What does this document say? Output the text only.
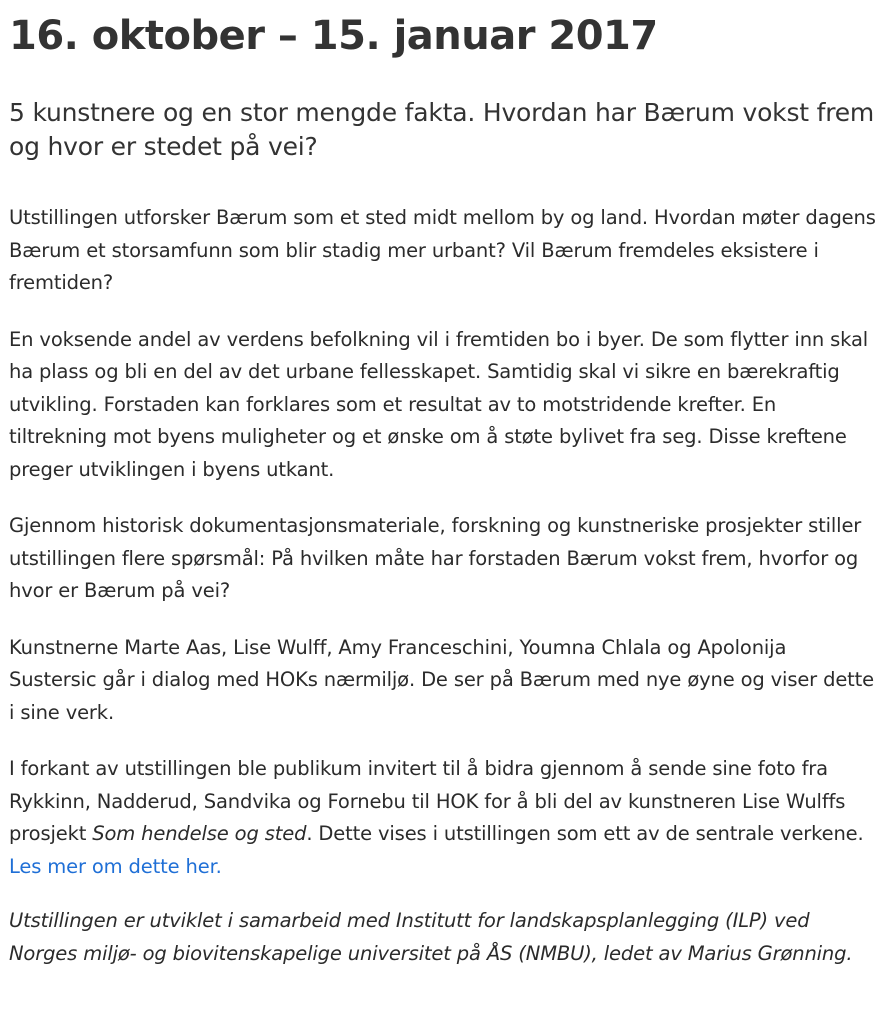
16. oktober – 15. januar 2017
5 kunstnere og en stor mengde fakta. Hvordan har Bærum vokst frem og hvor er stedet på vei?

Utstillingen utforsker Bærum som et sted midt mellom by og land. Hvordan møter dagens Bærum et storsamfunn som blir stadig mer urbant? Vil Bærum fremdeles eksistere i fremtiden?

En voksende andel av verdens befolkning vil i fremtiden bo i byer. De som flytter inn skal ha plass og bli en del av det urbane fellesskapet. Samtidig skal vi sikre en bærekraftig utvikling. Forstaden kan forklares som et resultat av to motstridende krefter. En tiltrekning mot byens muligheter og et ønske om å støte bylivet fra seg. Disse kreftene preger utviklingen i byens utkant.

Gjennom historisk dokumentasjonsmateriale, forskning og kunstneriske prosjekter stiller utstillingen flere spørsmål: På hvilken måte har forstaden Bærum vokst frem, hvorfor og hvor er Bærum på vei?

Kunstnerne Marte Aas, Lise Wulff, Amy Franceschini, Youmna Chlala og Apolonija Sustersic går i dialog med HOKs nærmiljø. De ser på Bærum med nye øyne og viser dette i sine verk.

I forkant av utstillingen ble publikum invitert til å bidra gjennom å sende sine foto fra Rykkinn, Nadderud, Sandvika og Fornebu til HOK for å bli del av kunstneren Lise Wulffs prosjekt Som hendelse og sted. Dette vises i utstillingen som ett av de sentrale verkene. Les mer om dette her.

Utstillingen er utviklet i samarbeid med Institutt for landskapsplanlegging (ILP) ved Norges miljø- og biovitenskapelige universitet på ÅS (NMBU), ledet av Marius Grønning.
